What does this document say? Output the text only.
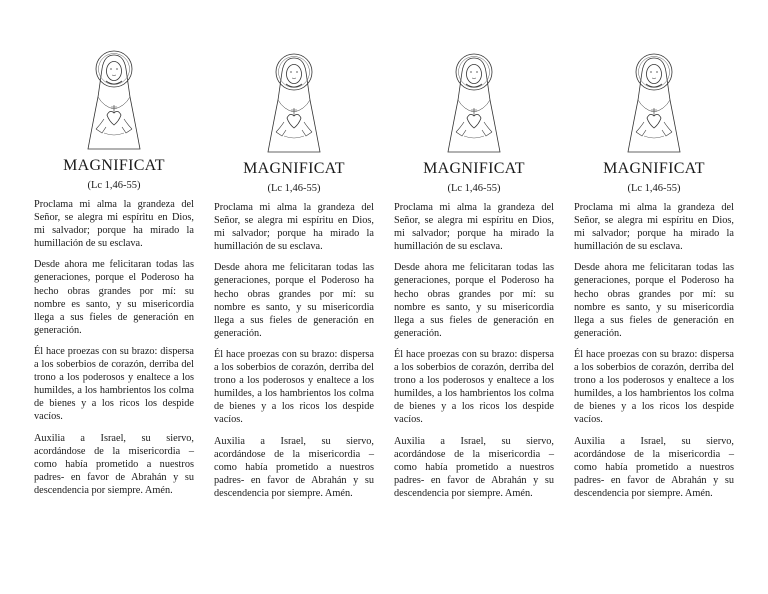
MAGNIFICAT
(Lc 1,46-55)

Proclama mi alma la grandeza del Señor, se alegra mi espíritu en Dios, mi salvador; porque ha mirado la humillación de su esclava.

Desde ahora me felicitaran todas las generaciones, porque el Poderoso ha hecho obras grandes por mí: su nombre es santo, y su misericordia llega a sus fieles de generación en generación.

Él hace proezas con su brazo: dispersa a los soberbios de corazón, derriba del trono a los poderosos y enaltece a los humildes, a los hambrientos los colma de bienes y a los ricos los despide vacíos.

Auxilia a Israel, su siervo, acordándose de la misericordia – como había prometido a nuestros padres- en favor de Abrahán y su descendencia por siempre. Amén.

MAGNIFICAT
(Lc 1,46-55)

Proclama mi alma la grandeza del Señor, se alegra mi espíritu en Dios, mi salvador; porque ha mirado la humillación de su esclava.

Desde ahora me felicitaran todas las generaciones, porque el Poderoso ha hecho obras grandes por mí: su nombre es santo, y su misericordia llega a sus fieles de generación en generación.

Él hace proezas con su brazo: dispersa a los soberbios de corazón, derriba del trono a los poderosos y enaltece a los humildes, a los hambrientos los colma de bienes y a los ricos los despide vacíos.

Auxilia a Israel, su siervo, acordándose de la misericordia – como había prometido a nuestros padres- en favor de Abrahán y su descendencia por siempre. Amén.

MAGNIFICAT
(Lc 1,46-55)

Proclama mi alma la grandeza del Señor, se alegra mi espíritu en Dios, mi salvador; porque ha mirado la humillación de su esclava.

Desde ahora me felicitaran todas las generaciones, porque el Poderoso ha hecho obras grandes por mí: su nombre es santo, y su misericordia llega a sus fieles de generación en generación.

Él hace proezas con su brazo: dispersa a los soberbios de corazón, derriba del trono a los poderosos y enaltece a los humildes, a los hambrientos los colma de bienes y a los ricos los despide vacíos.

Auxilia a Israel, su siervo, acordándose de la misericordia – como había prometido a nuestros padres- en favor de Abrahán y su descendencia por siempre. Amén.

MAGNIFICAT
(Lc 1,46-55)

Proclama mi alma la grandeza del Señor, se alegra mi espíritu en Dios, mi salvador; porque ha mirado la humillación de su esclava.

Desde ahora me felicitaran todas las generaciones, porque el Poderoso ha hecho obras grandes por mí: su nombre es santo, y su misericordia llega a sus fieles de generación en generación.

Él hace proezas con su brazo: dispersa a los soberbios de corazón, derriba del trono a los poderosos y enaltece a los humildes, a los hambrientos los colma de bienes y a los ricos los despide vacíos.

Auxilia a Israel, su siervo, acordándose de la misericordia – como había prometido a nuestros padres- en favor de Abrahán y su descendencia por siempre. Amén.
